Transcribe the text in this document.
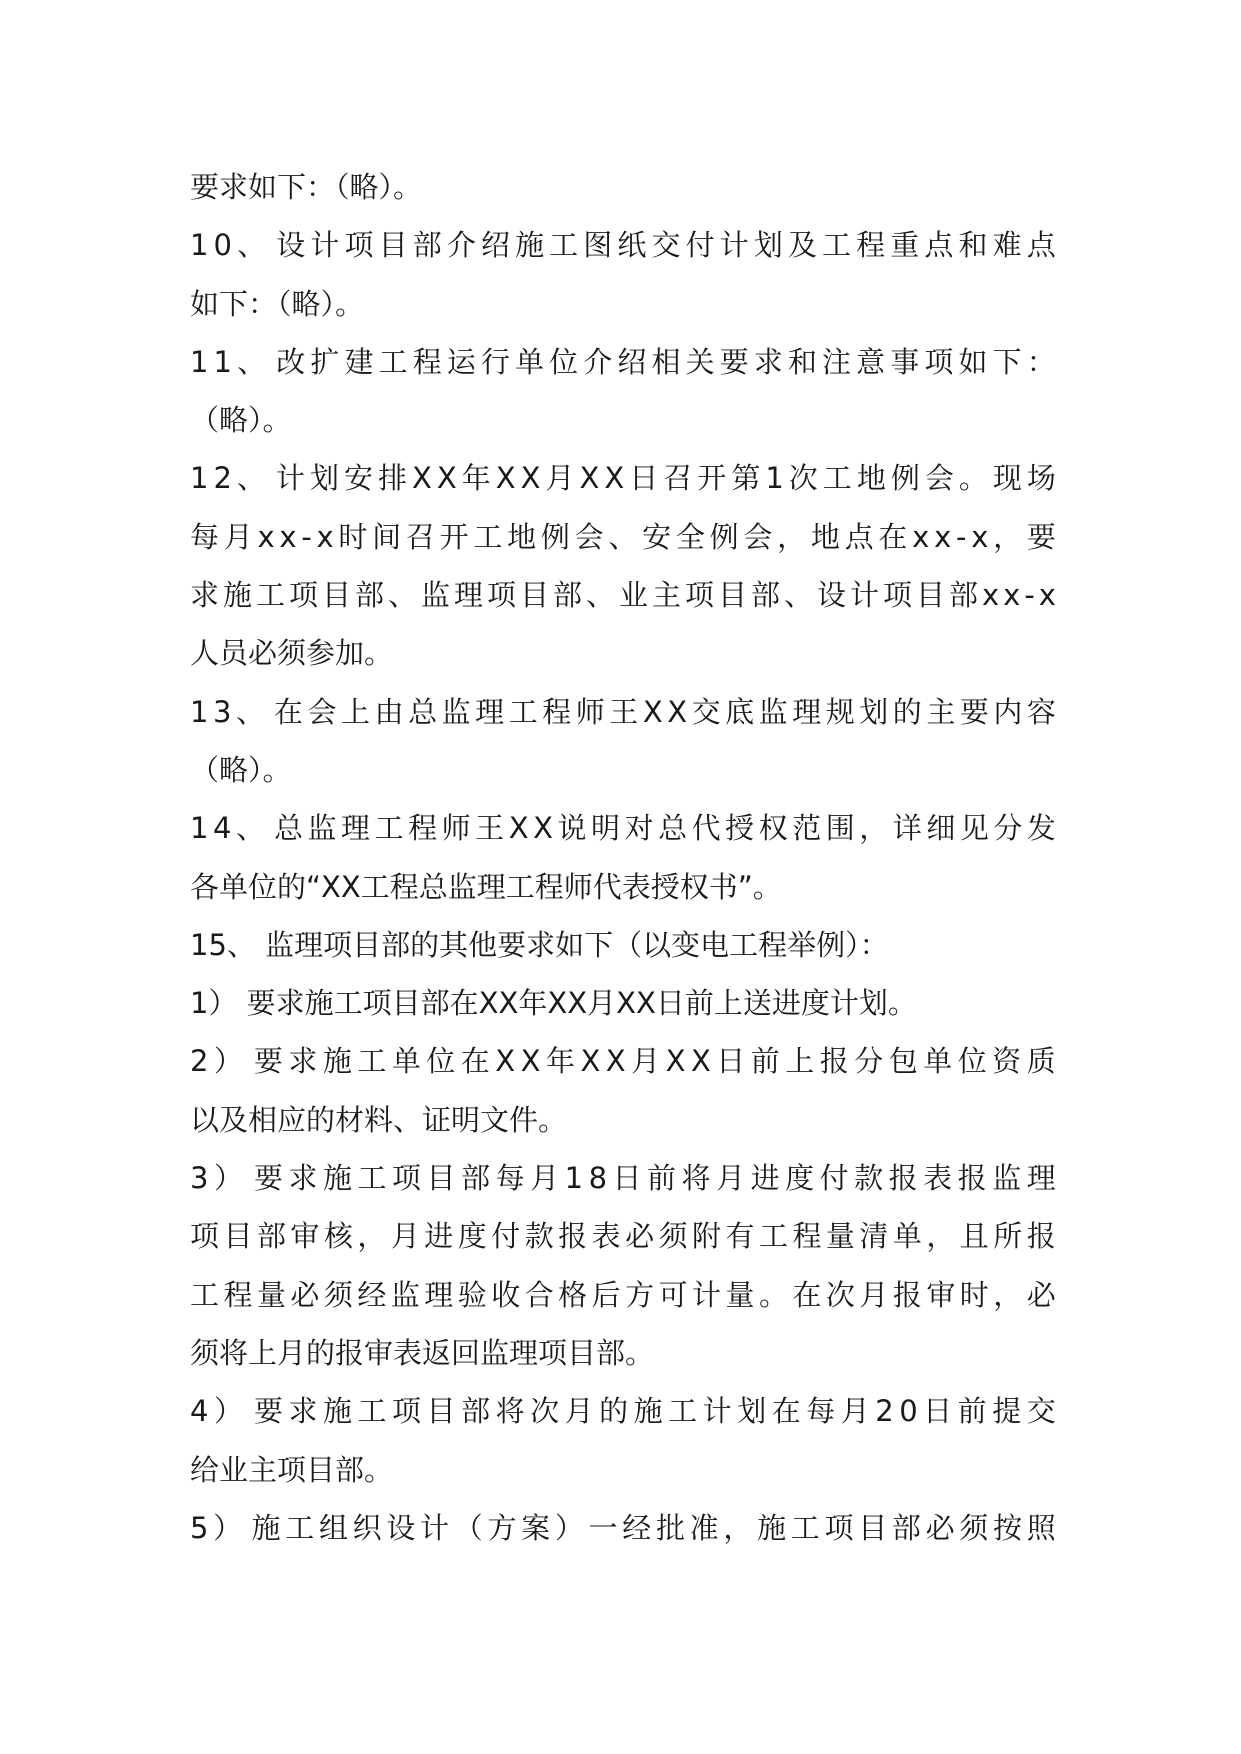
要求如下：（略）。
1 0 、 设 计 项 目 部 介 绍 施 工 图 纸 交 付 计 划 及 工 程 重 点 和 难 点
如下：（略）。
1 1 、 改 扩 建 工 程 运 行 单 位 介 绍 相 关 要 求 和 注 意 事 项 如 下 ：
（略）。
1 2 、 计 划 安 排 X X 年 X X 月 X X 日 召 开 第 1 次 工 地 例 会 。 现 场
每 月 x x - x 时 间 召 开 工 地 例 会 、 安 全 例 会 ， 地 点 在 x x - x ， 要
求 施 工 项 目 部 、 监 理 项 目 部 、 业 主 项 目 部 、 设 计 项 目 部 x x - x
人员必须参加。
1 3 、 在 会 上 由 总 监 理 工 程 师 王 X X 交 底 监 理 规 划 的 主 要 内 容
（略）。
1 4 、 总 监 理 工 程 师 王 X X 说 明 对 总 代 授 权 范 围 ， 详 细 见 分 发
各单位的“XX工程总监理工程师代表授权书”。
15、 监理项目部的其他要求如下（以变电工程举例）：
1） 要求施工项目部在XX年XX月XX日前上送进度计划。
2 ） 要 求 施 工 单 位 在 X X 年 X X 月 X X 日 前 上 报 分 包 单 位 资 质
以及相应的材料、证明文件。
3 ） 要 求 施 工 项 目 部 每 月 1 8 日 前 将 月 进 度 付 款 报 表 报 监 理
项 目 部 审 核 ， 月 进 度 付 款 报 表 必 须 附 有 工 程 量 清 单 ， 且 所 报
工 程 量 必 须 经 监 理 验 收 合 格 后 方 可 计 量 。 在 次 月 报 审 时 ， 必
须将上月的报审表返回监理项目部。
4 ） 要 求 施 工 项 目 部 将 次 月 的 施 工 计 划 在 每 月 2 0 日 前 提 交
给业主项目部。
5 ） 施 工 组 织 设 计 （ 方 案 ） 一 经 批 准 ， 施 工 项 目 部 必 须 按 照
